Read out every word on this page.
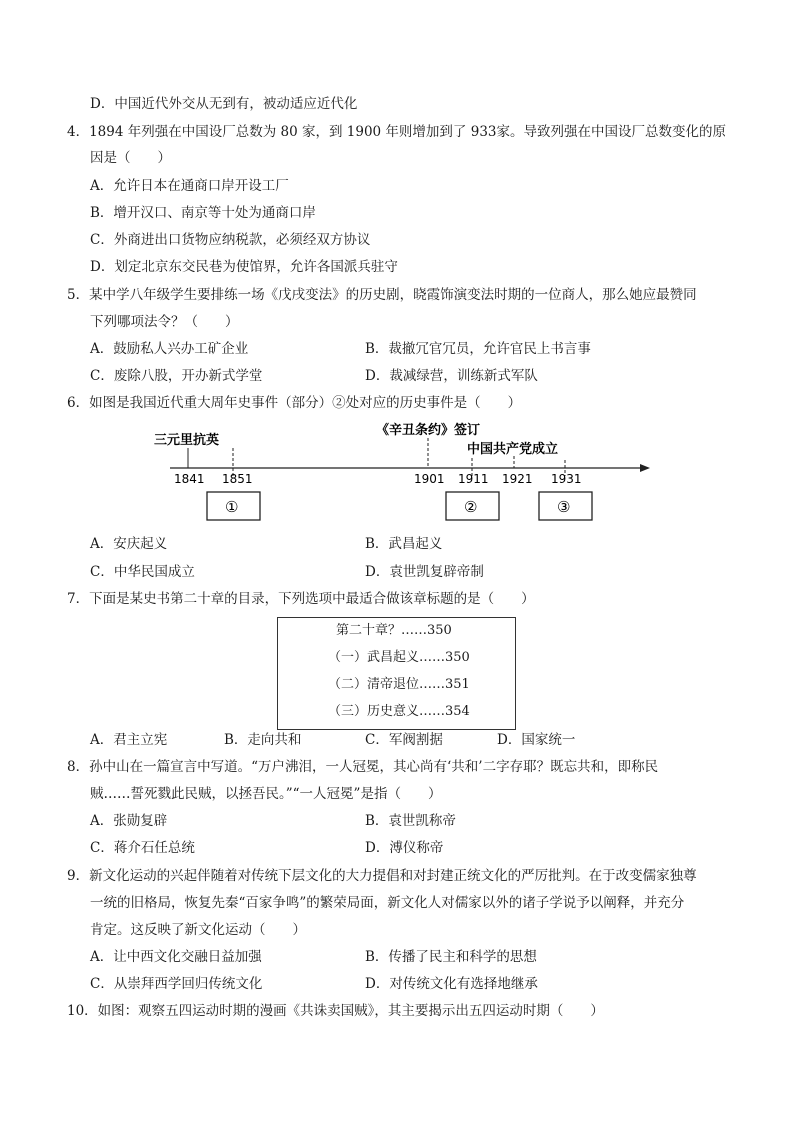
D．中国近代外交从无到有，被动适应近代化
4．1894 年列强在中国设厂总数为 80 家，到 1900 年则增加到了 933家。导致列强在中国设厂总数变化的原
因是（　　）
A．允许日本在通商口岸开设工厂
B．增开汉口、南京等十处为通商口岸
C．外商进出口货物应纳税款，必须经双方协议
D．划定北京东交民巷为使馆界，允许各国派兵驻守
5．某中学八年级学生要排练一场《戊戌变法》的历史剧，晓霞饰演变法时期的一位商人，那么她应最赞同
下列哪项法令？（　　）
A．鼓励私人兴办工矿企业	B．裁撤冗官冗员，允许官民上书言事
C．废除八股，开办新式学堂	D．裁减绿营，训练新式军队
6．如图是我国近代重大周年史事件（部分）②处对应的历史事件是（　　）
三元里抗英
《辛丑条约》签订
中国共产党成立
1841 1851	1901 1911 1921 1931
①	②	③
A．安庆起义	B．武昌起义
C．中华民国成立	D．袁世凯复辟帝制
7．下面是某史书第二十章的目录，下列选项中最适合做该章标题的是（　　）
第二十章？……350
（一）武昌起义……350
（二）清帝退位……351
（三）历史意义……354
A．君主立宪	B．走向共和	C．军阀割据	D．国家统一
8．孙中山在一篇宣言中写道。“万户沸泪，一人冠冕，其心尚有‘共和’二字存耶？既忘共和，即称民
贼……誓死戮此民贼，以拯吾民。”“一人冠冕”是指（　　）
A．张勋复辟	B．袁世凯称帝
C．蒋介石任总统	D．溥仪称帝
9．新文化运动的兴起伴随着对传统下层文化的大力提倡和对封建正统文化的严厉批判。在于改变儒家独尊
一统的旧格局，恢复先秦“百家争鸣”的繁荣局面，新文化人对儒家以外的诸子学说予以阐释，并充分
肯定。这反映了新文化运动（　　）
A．让中西文化交融日益加强	B．传播了民主和科学的思想
C．从崇拜西学回归传统文化	D．对传统文化有选择地继承
10．如图：观察五四运动时期的漫画《共诛卖国贼》，其主要揭示出五四运动时期（　　）
